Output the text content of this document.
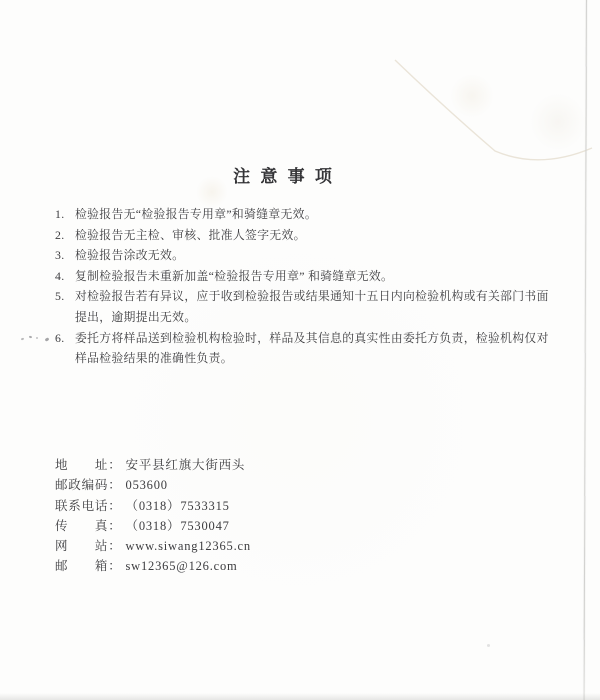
注 意 事 项
1. 检验报告无“检验报告专用章”和骑缝章无效。
2. 检验报告无主检、审核、批准人签字无效。
3. 检验报告涂改无效。
4. 复制检验报告未重新加盖“检验报告专用章” 和骑缝章无效。
5. 对检验报告若有异议，应于收到检验报告或结果通知十五日内向检验机构或有关部门书面提出，逾期提出无效。
6. 委托方将样品送到检验机构检验时，样品及其信息的真实性由委托方负责，检验机构仅对样品检验结果的准确性负责。
地　　址： 安平县红旗大街西头
邮政编码： 053600
联系电话： （0318）7533315
传　　真： （0318）7530047
网　　站： www.siwang12365.cn
邮　　箱： sw12365@126.com
